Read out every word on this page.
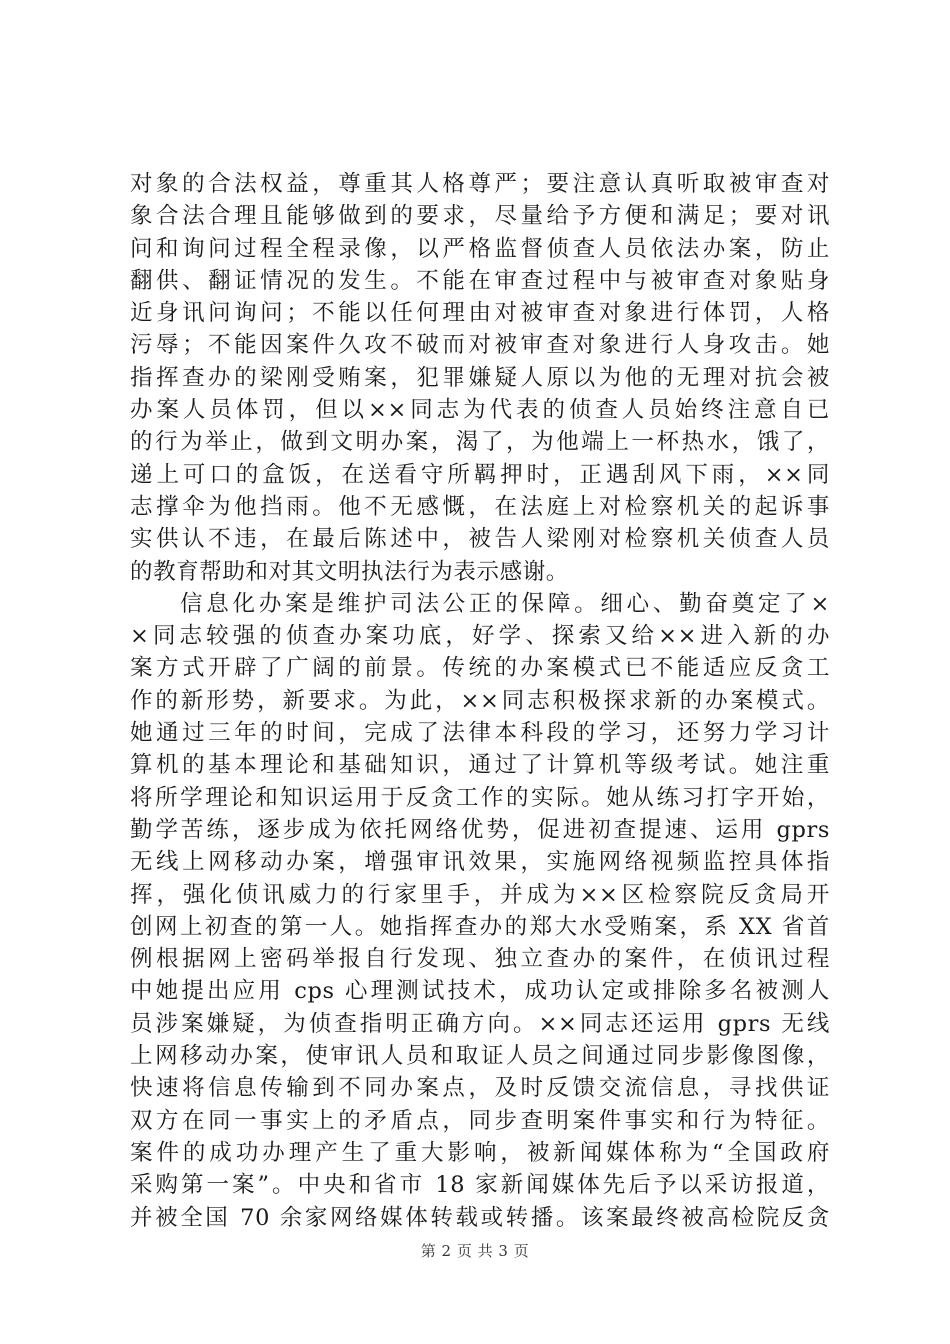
对象的合法权益，尊重其人格尊严；要注意认真听取被审查对
象合法合理且能够做到的要求，尽量给予方便和满足；要对讯
问和询问过程全程录像，以严格监督侦查人员依法办案，防止
翻供、翻证情况的发生。不能在审查过程中与被审查对象贴身
近身讯问询问；不能以任何理由对被审查对象进行体罚，人格
污辱；不能因案件久攻不破而对被审查对象进行人身攻击。她
指挥查办的梁刚受贿案，犯罪嫌疑人原以为他的无理对抗会被
办案人员体罚，但以××同志为代表的侦查人员始终注意自已
的行为举止，做到文明办案，渴了，为他端上一杯热水，饿了，
递上可口的盒饭，在送看守所羁押时，正遇刮风下雨，××同
志撑伞为他挡雨。他不无感慨，在法庭上对检察机关的起诉事
实供认不违，在最后陈述中，被告人梁刚对检察机关侦查人员
的教育帮助和对其文明执法行为表示感谢。
信息化办案是维护司法公正的保障。细心、勤奋奠定了×
×同志较强的侦查办案功底，好学、探索又给××进入新的办
案方式开辟了广阔的前景。传统的办案模式已不能适应反贪工
作的新形势，新要求。为此，××同志积极探求新的办案模式。
她通过三年的时间，完成了法律本科段的学习，还努力学习计
算机的基本理论和基础知识，通过了计算机等级考试。她注重
将所学理论和知识运用于反贪工作的实际。她从练习打字开始，
勤学苦练，逐步成为依托网络优势，促进初查提速、运用 gprs
无线上网移动办案，增强审讯效果，实施网络视频监控具体指
挥，强化侦讯威力的行家里手，并成为××区检察院反贪局开
创网上初查的第一人。她指挥查办的郑大水受贿案，系 XX 省首
例根据网上密码举报自行发现、独立查办的案件，在侦讯过程
中她提出应用 cps 心理测试技术，成功认定或排除多名被测人
员涉案嫌疑，为侦查指明正确方向。××同志还运用 gprs 无线
上网移动办案，使审讯人员和取证人员之间通过同步影像图像，
快速将信息传输到不同办案点，及时反馈交流信息，寻找供证
双方在同一事实上的矛盾点，同步查明案件事实和行为特征。
案件的成功办理产生了重大影响，被新闻媒体称为“全国政府
采购第一案”。中央和省市 18 家新闻媒体先后予以采访报道，
并被全国 70 余家网络媒体转载或转播。该案最终被高检院反贪
第 2 页 共 3 页
